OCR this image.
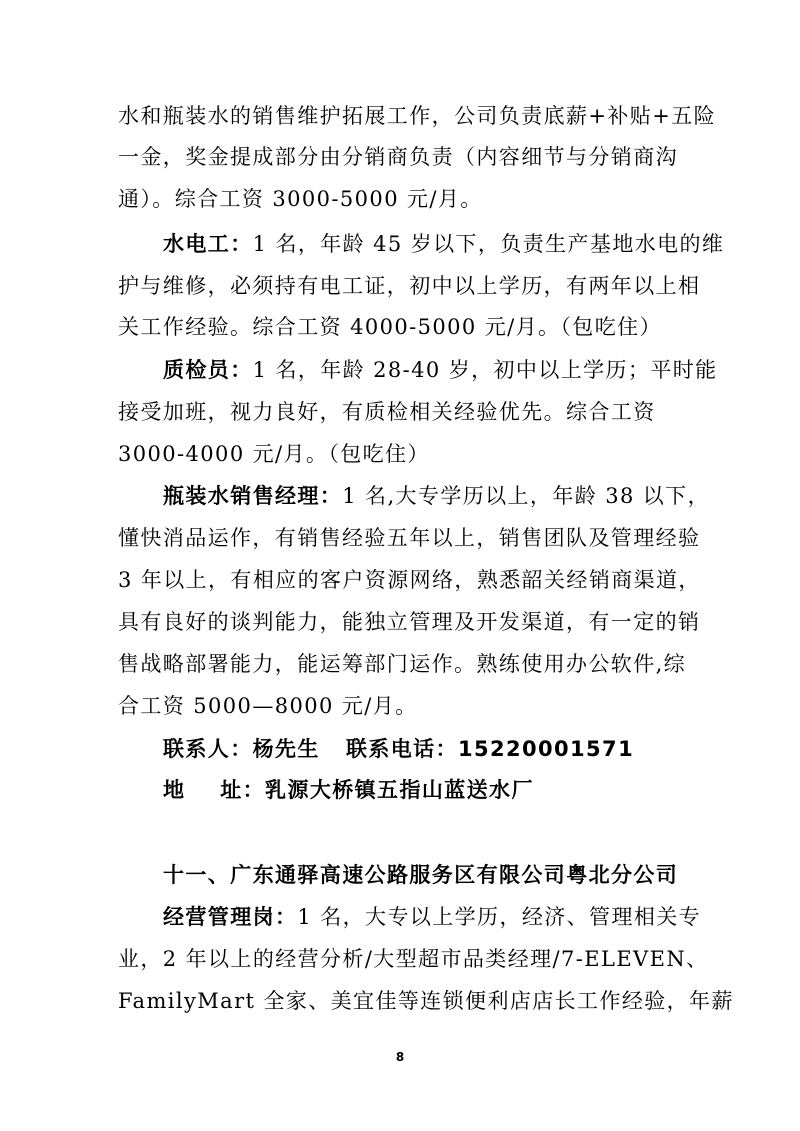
水和瓶装水的销售维护拓展工作，公司负责底薪+补贴+五险
一金，奖金提成部分由分销商负责（内容细节与分销商沟
通）。综合工资 3000-5000 元/月。
水电工：1 名，年龄 45 岁以下，负责生产基地水电的维
护与维修，必须持有电工证，初中以上学历，有两年以上相
关工作经验。综合工资 4000-5000 元/月。（包吃住）
质检员：1 名，年龄 28-40 岁，初中以上学历；平时能
接受加班，视力良好，有质检相关经验优先。综合工资
3000-4000 元/月。（包吃住）
瓶装水销售经理：1 名,大专学历以上，年龄 38 以下，
懂快消品运作，有销售经验五年以上，销售团队及管理经验
3 年以上，有相应的客户资源网络，熟悉韶关经销商渠道，
具有良好的谈判能力，能独立管理及开发渠道，有一定的销
售战略部署能力，能运筹部门运作。熟练使用办公软件,综
合工资 5000—8000 元/月。
联系人：杨先生 联系电话：15220001571
地    址：乳源大桥镇五指山蓝送水厂
十一、广东通驿高速公路服务区有限公司粤北分公司
经营管理岗：1 名，大专以上学历，经济、管理相关专
业，2 年以上的经营分析/大型超市品类经理/7-ELEVEN、
FamilyMart 全家、美宜佳等连锁便利店店长工作经验，年薪
8
